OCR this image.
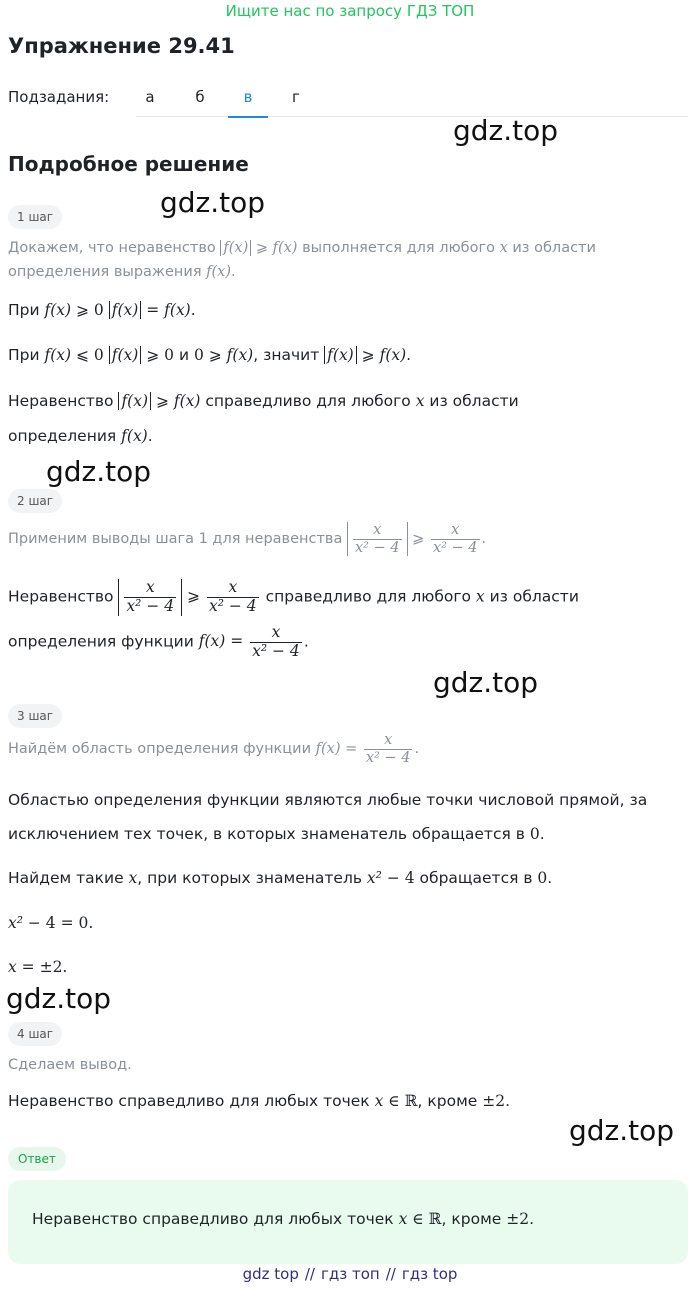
Ищите нас по запросу ГДЗ ТОП
Упражнение 29.41
Подзадания:	а	б	в	г
gdz.top
Подробное решение
gdz.top
1 шаг
Докажем, что неравенство f(x) ⩾ f(x) выполняется для любого x из области
определения выражения f(x).
При f(x) ⩾ 0 f(x) = f(x).
При f(x) ⩽ 0 f(x) ⩾ 0 и 0 ⩾ f(x), значит f(x) ⩾ f(x).
Неравенство f(x) ⩾ f(x) справедливо для любого x из области
определения f(x).
gdz.top
2 шаг
Применим выводы шага 1 для неравенства $\frac{x}{\text{x² − 4}}$ ⩾ $\frac{x}{\text{x² − 4}}$ .
Неравенство $\frac{x}{\text{x² − 4}}$ ⩾ $\frac{x}{\text{x² − 4}}$ справедливо для любого x из области
определения функции $f(x) = \frac{x}{\text{x² − 4}}$ .
gdz.top
3 шаг
Найдём область определения функции $f(x) = \frac{x}{\text{x² − 4}}$ .
Областью определения функции являются любые точки числовой прямой, за
исключением тех точек, в которых знаменатель обращается в 0.
Найдем такие x, при которых знаменатель x² − 4 обращается в 0.
x² − 4 = 0.
x = ±2.
gdz.top
4 шаг
Сделаем вывод.
Неравенство справедливо для любых точек x ∈ ℝ, кроме ±2.
gdz.top
Ответ
Неравенство справедливо для любых точек x ∈ ℝ, кроме ±2.
gdz top // гдз топ // гдз top
